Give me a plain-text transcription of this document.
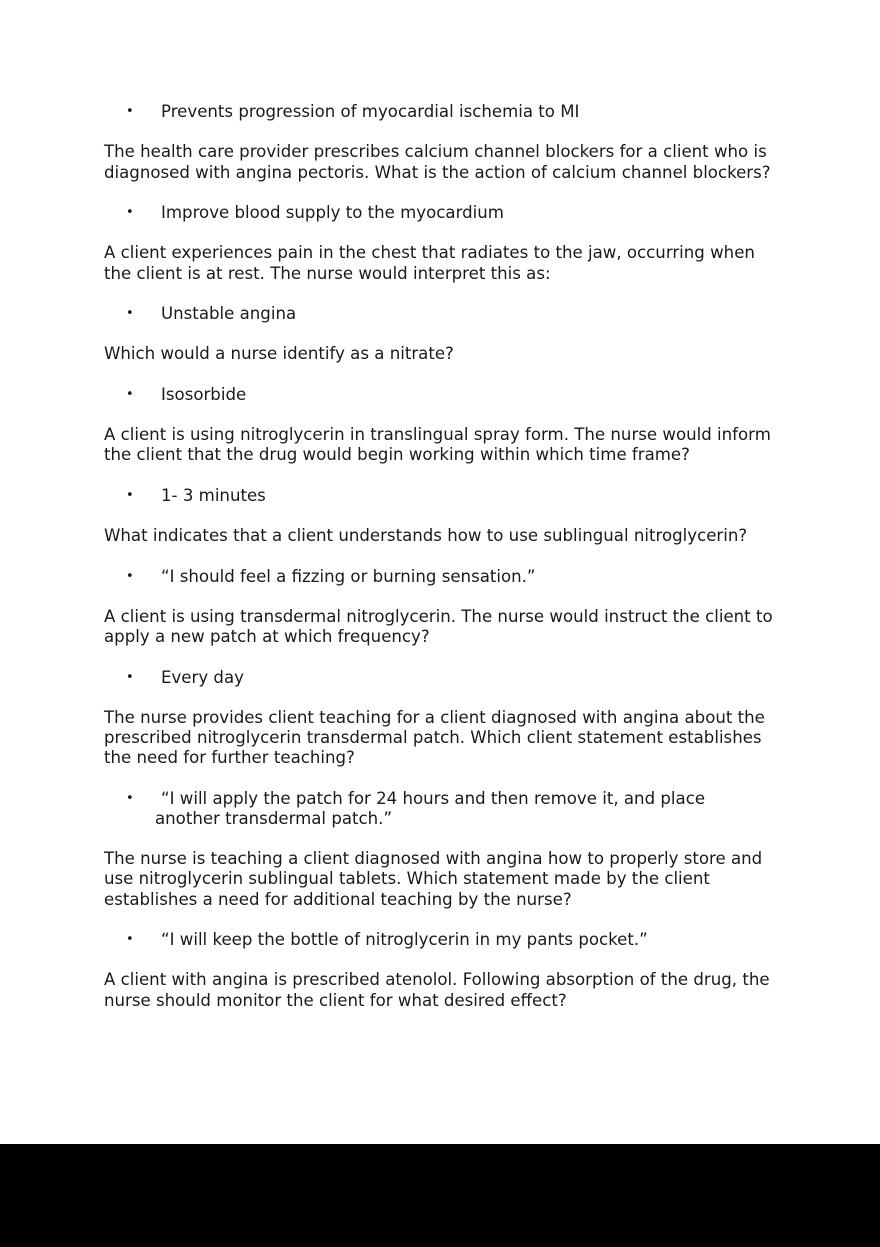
• Prevents progression of myocardial ischemia to MI

The health care provider prescribes calcium channel blockers for a client who is diagnosed with angina pectoris. What is the action of calcium channel blockers?

• Improve blood supply to the myocardium

A client experiences pain in the chest that radiates to the jaw, occurring when the client is at rest. The nurse would interpret this as:

• Unstable angina

Which would a nurse identify as a nitrate?

• Isosorbide

A client is using nitroglycerin in translingual spray form. The nurse would inform the client that the drug would begin working within which time frame?

• 1- 3 minutes

What indicates that a client understands how to use sublingual nitroglycerin?

• “I should feel a fizzing or burning sensation.”

A client is using transdermal nitroglycerin. The nurse would instruct the client to apply a new patch at which frequency?

• Every day

The nurse provides client teaching for a client diagnosed with angina about the prescribed nitroglycerin transdermal patch. Which client statement establishes the need for further teaching?

•	“I will apply the patch for 24 hours and then remove it, and place
another transdermal patch.”

The nurse is teaching a client diagnosed with angina how to properly store and use nitroglycerin sublingual tablets. Which statement made by the client establishes a need for additional teaching by the nurse?

• “I will keep the bottle of nitroglycerin in my pants pocket.”

A client with angina is prescribed atenolol. Following absorption of the drug, the nurse should monitor the client for what desired effect?
